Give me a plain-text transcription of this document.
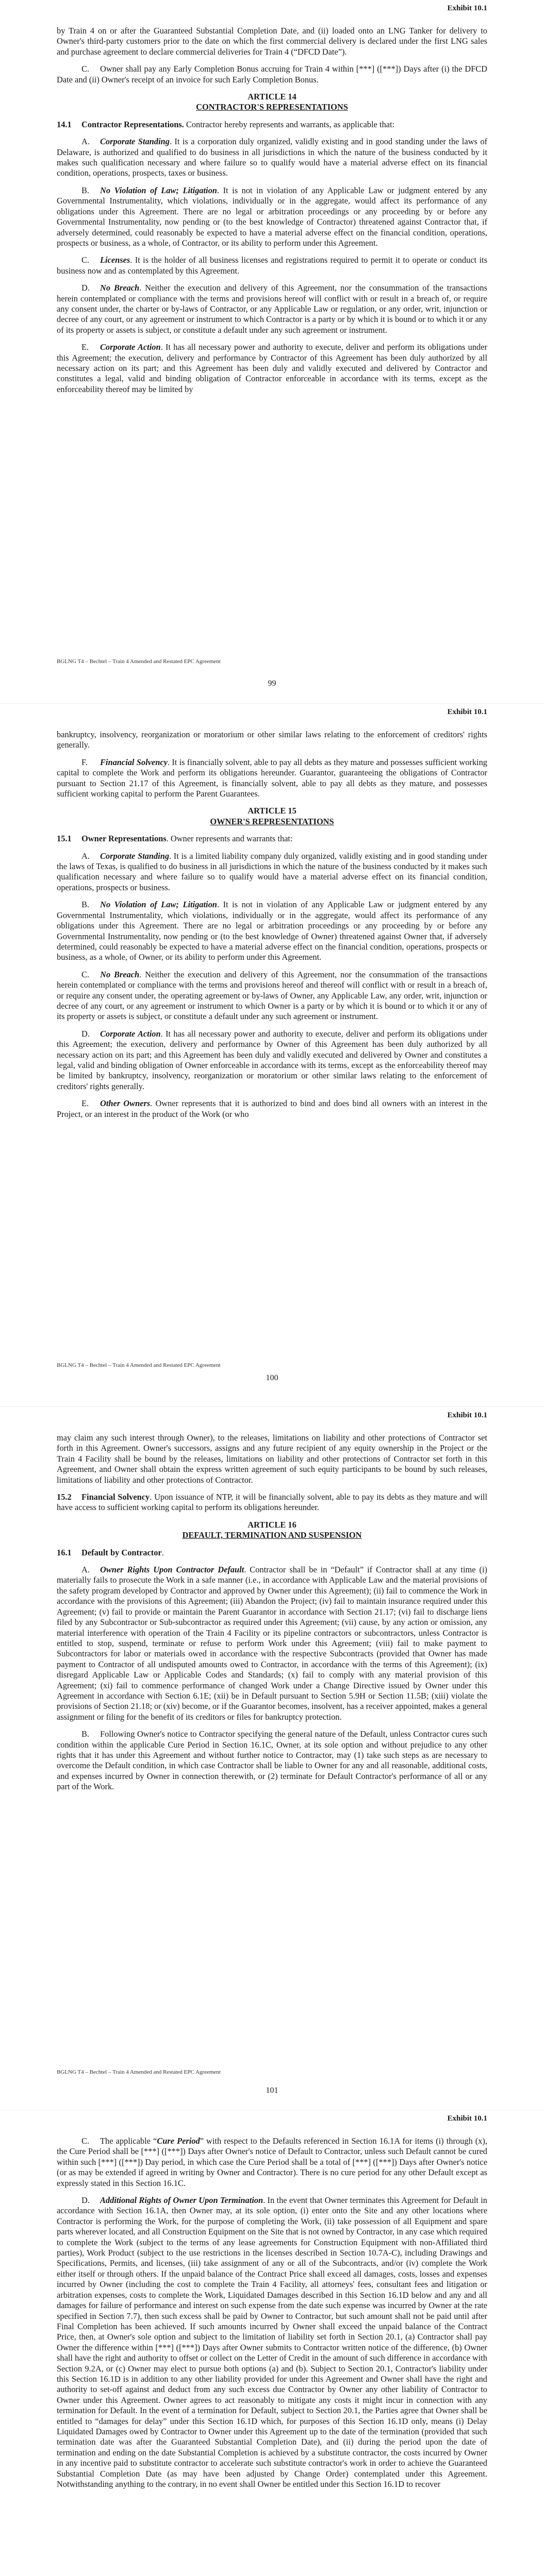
Exhibit 10.1

by Train 4 on or after the Guaranteed Substantial Completion Date, and (ii) loaded onto an LNG Tanker for delivery to Owner's third-party customers prior to the date on which the first commercial delivery is declared under the first LNG sales and purchase agreement to declare commercial deliveries for Train 4 (“DFCD Date”).

C. Owner shall pay any Early Completion Bonus accruing for Train 4 within [***] ([***]) Days after (i) the DFCD Date and (ii) Owner's receipt of an invoice for such Early Completion Bonus.

ARTICLE 14
CONTRACTOR'S REPRESENTATIONS

14.1 Contractor Representations. Contractor hereby represents and warrants, as applicable that:

A. Corporate Standing. It is a corporation duly organized, validly existing and in good standing under the laws of Delaware, is authorized and qualified to do business in all jurisdictions in which the nature of the business conducted by it makes such qualification necessary and where failure so to qualify would have a material adverse effect on its financial condition, operations, prospects, taxes or business.

B. No Violation of Law; Litigation. It is not in violation of any Applicable Law or judgment entered by any Governmental Instrumentality, which violations, individually or in the aggregate, would affect its performance of any obligations under this Agreement. There are no legal or arbitration proceedings or any proceeding by or before any Governmental Instrumentality, now pending or (to the best knowledge of Contractor) threatened against Contractor that, if adversely determined, could reasonably be expected to have a material adverse effect on the financial condition, operations, prospects or business, as a whole, of Contractor, or its ability to perform under this Agreement.

C. Licenses. It is the holder of all business licenses and registrations required to permit it to operate or conduct its business now and as contemplated by this Agreement.

D. No Breach. Neither the execution and delivery of this Agreement, nor the consummation of the transactions herein contemplated or compliance with the terms and provisions hereof will conflict with or result in a breach of, or require any consent under, the charter or by-laws of Contractor, or any Applicable Law or regulation, or any order, writ, injunction or decree of any court, or any agreement or instrument to which Contractor is a party or by which it is bound or to which it or any of its property or assets is subject, or constitute a default under any such agreement or instrument.

E. Corporate Action. It has all necessary power and authority to execute, deliver and perform its obligations under this Agreement; the execution, delivery and performance by Contractor of this Agreement has been duly authorized by all necessary action on its part; and this Agreement has been duly and validly executed and delivered by Contractor and constitutes a legal, valid and binding obligation of Contractor enforceable in accordance with its terms, except as the enforceability thereof may be limited by

BGLNG T4 – Bechtel – Train 4 Amended and Restated EPC Agreement
99
Exhibit 10.1

bankruptcy, insolvency, reorganization or moratorium or other similar laws relating to the enforcement of creditors' rights generally.

F. Financial Solvency. It is financially solvent, able to pay all debts as they mature and possesses sufficient working capital to complete the Work and perform its obligations hereunder. Guarantor, guaranteeing the obligations of Contractor pursuant to Section 21.17 of this Agreement, is financially solvent, able to pay all debts as they mature, and possesses sufficient working capital to perform the Parent Guarantees.

ARTICLE 15
OWNER'S REPRESENTATIONS

15.1 Owner Representations. Owner represents and warrants that:

A. Corporate Standing. It is a limited liability company duly organized, validly existing and in good standing under the laws of Texas, is qualified to do business in all jurisdictions in which the nature of the business conducted by it makes such qualification necessary and where failure so to qualify would have a material adverse effect on its financial condition, operations, prospects or business.

B. No Violation of Law; Litigation. It is not in violation of any Applicable Law or judgment entered by any Governmental Instrumentality, which violations, individually or in the aggregate, would affect its performance of any obligations under this Agreement. There are no legal or arbitration proceedings or any proceeding by or before any Governmental Instrumentality, now pending or (to the best knowledge of Owner) threatened against Owner that, if adversely determined, could reasonably be expected to have a material adverse effect on the financial condition, operations, prospects or business, as a whole, of Owner, or its ability to perform under this Agreement.

C. No Breach. Neither the execution and delivery of this Agreement, nor the consummation of the transactions herein contemplated or compliance with the terms and provisions hereof and thereof will conflict with or result in a breach of, or require any consent under, the operating agreement or by-laws of Owner, any Applicable Law, any order, writ, injunction or decree of any court, or any agreement or instrument to which Owner is a party or by which it is bound or to which it or any of its property or assets is subject, or constitute a default under any such agreement or instrument.

D. Corporate Action. It has all necessary power and authority to execute, deliver and perform its obligations under this Agreement; the execution, delivery and performance by Owner of this Agreement has been duly authorized by all necessary action on its part; and this Agreement has been duly and validly executed and delivered by Owner and constitutes a legal, valid and binding obligation of Owner enforceable in accordance with its terms, except as the enforceability thereof may be limited by bankruptcy, insolvency, reorganization or moratorium or other similar laws relating to the enforcement of creditors' rights generally.

E. Other Owners. Owner represents that it is authorized to bind and does bind all owners with an interest in the Project, or an interest in the product of the Work (or who

BGLNG T4 – Bechtel – Train 4 Amended and Restated EPC Agreement
100
Exhibit 10.1

may claim any such interest through Owner), to the releases, limitations on liability and other protections of Contractor set forth in this Agreement. Owner's successors, assigns and any future recipient of any equity ownership in the Project or the Train 4 Facility shall be bound by the releases, limitations on liability and other protections of Contractor set forth in this Agreement, and Owner shall obtain the express written agreement of such equity participants to be bound by such releases, limitations of liability and other protections of Contractor.

15.2 Financial Solvency. Upon issuance of NTP, it will be financially solvent, able to pay its debts as they mature and will have access to sufficient working capital to perform its obligations hereunder.

ARTICLE 16
DEFAULT, TERMINATION AND SUSPENSION

16.1 Default by Contractor.

A. Owner Rights Upon Contractor Default. Contractor shall be in “Default” if Contractor shall at any time (i) materially fails to prosecute the Work in a safe manner (i.e., in accordance with Applicable Law and the material provisions of the safety program developed by Contractor and approved by Owner under this Agreement); (ii) fail to commence the Work in accordance with the provisions of this Agreement; (iii) Abandon the Project; (iv) fail to maintain insurance required under this Agreement; (v) fail to provide or maintain the Parent Guarantor in accordance with Section 21.17; (vi) fail to discharge liens filed by any Subcontractor or Sub-subcontractor as required under this Agreement; (vii) cause, by any action or omission, any material interference with operation of the Train 4 Facility or its pipeline contractors or subcontractors, unless Contractor is entitled to stop, suspend, terminate or refuse to perform Work under this Agreement; (viii) fail to make payment to Subcontractors for labor or materials owed in accordance with the respective Subcontracts (provided that Owner has made payment to Contractor of all undisputed amounts owed to Contractor, in accordance with the terms of this Agreement); (ix) disregard Applicable Law or Applicable Codes and Standards; (x) fail to comply with any material provision of this Agreement; (xi) fail to commence performance of changed Work under a Change Directive issued by Owner under this Agreement in accordance with Section 6.1E; (xii) be in Default pursuant to Section 5.9H or Section 11.5B; (xiii) violate the provisions of Section 21.18; or (xiv) become, or if the Guarantor becomes, insolvent, has a receiver appointed, makes a general assignment or filing for the benefit of its creditors or files for bankruptcy protection.

B. Following Owner's notice to Contractor specifying the general nature of the Default, unless Contractor cures such condition within the applicable Cure Period in Section 16.1C, Owner, at its sole option and without prejudice to any other rights that it has under this Agreement and without further notice to Contractor, may (1) take such steps as are necessary to overcome the Default condition, in which case Contractor shall be liable to Owner for any and all reasonable, additional costs, and expenses incurred by Owner in connection therewith, or (2) terminate for Default Contractor's performance of all or any part of the Work.

BGLNG T4 – Bechtel – Train 4 Amended and Restated EPC Agreement
101
Exhibit 10.1

C. The applicable “Cure Period” with respect to the Defaults referenced in Section 16.1A for items (i) through (x), the Cure Period shall be [***] ([***]) Days after Owner's notice of Default to Contractor, unless such Default cannot be cured within such [***] ([***]) Day period, in which case the Cure Period shall be a total of [***] ([***]) Days after Owner's notice (or as may be extended if agreed in writing by Owner and Contractor). There is no cure period for any other Default except as expressly stated in this Section 16.1C.

D. Additional Rights of Owner Upon Termination. In the event that Owner terminates this Agreement for Default in accordance with Section 16.1A, then Owner may, at its sole option, (i) enter onto the Site and any other locations where Contractor is performing the Work, for the purpose of completing the Work, (ii) take possession of all Equipment and spare parts wherever located, and all Construction Equipment on the Site that is not owned by Contractor, in any case which required to complete the Work (subject to the terms of any lease agreements for Construction Equipment with non-Affiliated third parties), Work Product (subject to the use restrictions in the licenses described in Section 10.7A-C), including Drawings and Specifications, Permits, and licenses, (iii) take assignment of any or all of the Subcontracts, and/or (iv) complete the Work either itself or through others. If the unpaid balance of the Contract Price shall exceed all damages, costs, losses and expenses incurred by Owner (including the cost to complete the Train 4 Facility, all attorneys' fees, consultant fees and litigation or arbitration expenses, costs to complete the Work, Liquidated Damages described in this Section 16.1D below and any and all damages for failure of performance and interest on such expense from the date such expense was incurred by Owner at the rate specified in Section 7.7), then such excess shall be paid by Owner to Contractor, but such amount shall not be paid until after Final Completion has been achieved. If such amounts incurred by Owner shall exceed the unpaid balance of the Contract Price, then, at Owner's sole option and subject to the limitation of liability set forth in Section 20.1, (a) Contractor shall pay Owner the difference within [***] ([***]) Days after Owner submits to Contractor written notice of the difference, (b) Owner shall have the right and authority to offset or collect on the Letter of Credit in the amount of such difference in accordance with Section 9.2A, or (c) Owner may elect to pursue both options (a) and (b). Subject to Section 20.1, Contractor's liability under this Section 16.1D is in addition to any other liability provided for under this Agreement and Owner shall have the right and authority to set-off against and deduct from any such excess due Contractor by Owner any other liability of Contractor to Owner under this Agreement. Owner agrees to act reasonably to mitigate any costs it might incur in connection with any termination for Default. In the event of a termination for Default, subject to Section 20.1, the Parties agree that Owner shall be entitled to “damages for delay” under this Section 16.1D which, for purposes of this Section 16.1D only, means (i) Delay Liquidated Damages owed by Contractor to Owner under this Agreement up to the date of the termination (provided that such termination date was after the Guaranteed Substantial Completion Date), and (ii) during the period upon the date of termination and ending on the date Substantial Completion is achieved by a substitute contractor, the costs incurred by Owner in any incentive paid to substitute contractor to accelerate such substitute contractor's work in order to achieve the Guaranteed Substantial Completion Date (as may have been adjusted by Change Order) contemplated under this Agreement. Notwithstanding anything to the contrary, in no event shall Owner be entitled under this Section 16.1D to recover
